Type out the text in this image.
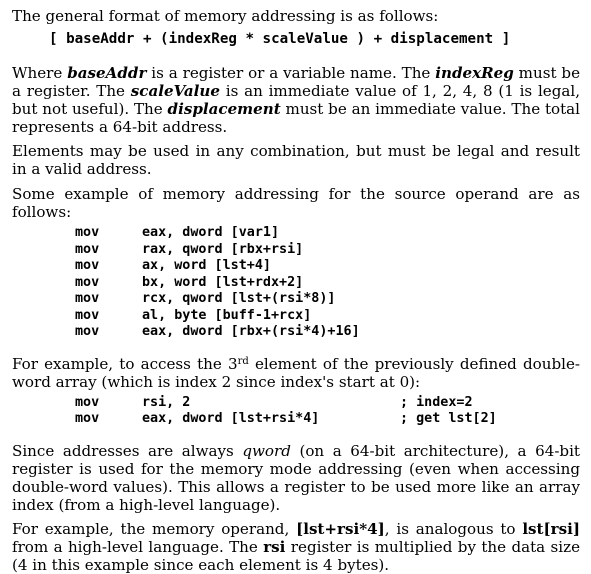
The general format of memory addressing is as follows:

[ baseAddr + (indexReg * scaleValue ) + displacement ]

Where baseAddr is a register or a variable name. The indexReg must be a register. The scaleValue is an immediate value of 1, 2, 4, 8 (1 is legal, but not useful). The displacement must be an immediate value. The total represents a 64-bit address.

Elements may be used in any combination, but must be legal and result in a valid address.

Some example of memory addressing for the source operand are as follows:

mov	eax, dword [var1]
mov	rax, qword [rbx+rsi]
mov	ax, word [lst+4]
mov	bx, word [lst+rdx+2]
mov	rcx, qword [lst+(rsi*8)]
mov	al, byte [buff-1+rcx]
mov	eax, dword [rbx+(rsi*4)+16]

For example, to access the 3rd element of the previously defined double-word array (which is index 2 since index's start at 0):

mov	rsi, 2	; index=2
mov	eax, dword [lst+rsi*4]	; get lst[2]

Since addresses are always qword (on a 64-bit architecture), a 64-bit register is used for the memory mode addressing (even when accessing double-word values). This allows a register to be used more like an array index (from a high-level language).

For example, the memory operand, [lst+rsi*4], is analogous to lst[rsi] from a high-level language. The rsi register is multiplied by the data size (4 in this example since each element is 4 bytes).
